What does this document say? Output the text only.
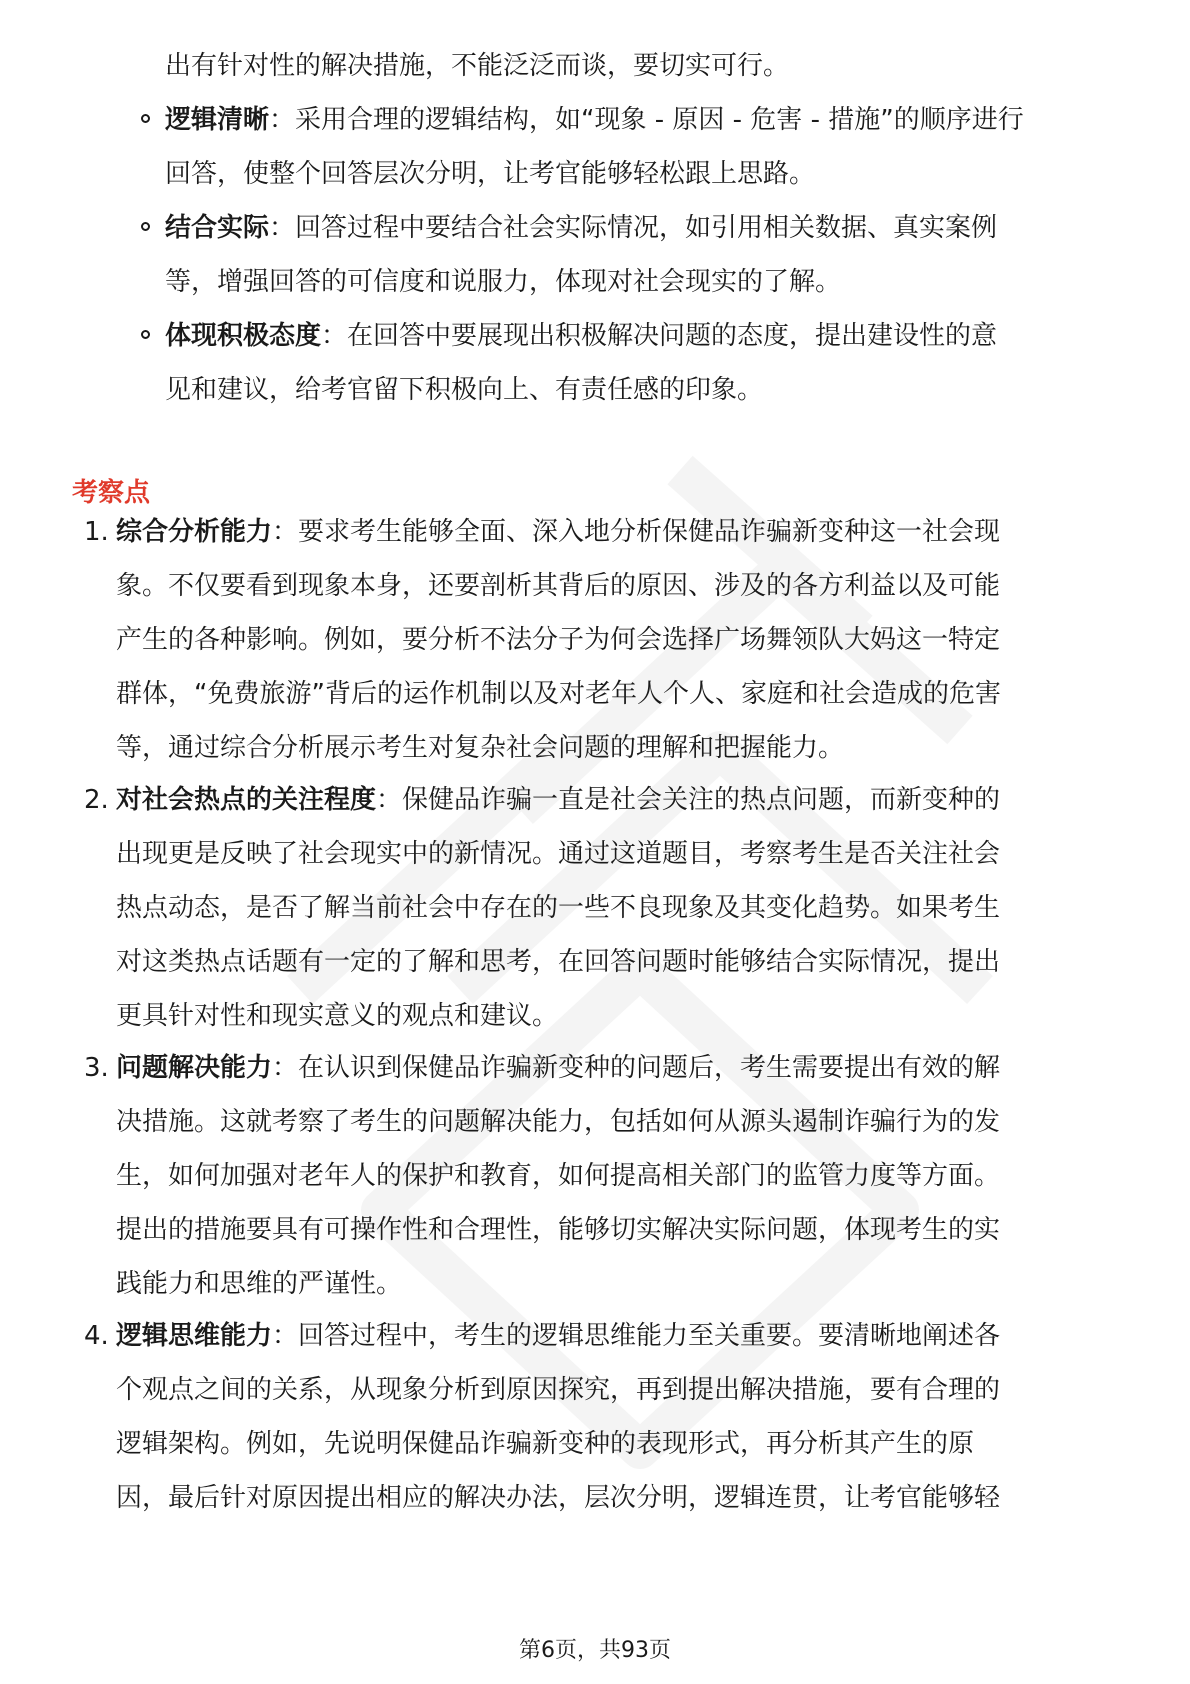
出有针对性的解决措施，不能泛泛而谈，要切实可行。
逻辑清晰：采用合理的逻辑结构，如“现象 - 原因 - 危害 - 措施”的顺序进行
回答，使整个回答层次分明，让考官能够轻松跟上思路。
结合实际：回答过程中要结合社会实际情况，如引用相关数据、真实案例
等，增强回答的可信度和说服力，体现对社会现实的了解。
体现积极态度：在回答中要展现出积极解决问题的态度，提出建设性的意
见和建议，给考官留下积极向上、有责任感的印象。
考察点
1. 综合分析能力：要求考生能够全面、深入地分析保健品诈骗新变种这一社会现
象。不仅要看到现象本身，还要剖析其背后的原因、涉及的各方利益以及可能
产生的各种影响。例如，要分析不法分子为何会选择广场舞领队大妈这一特定
群体，“免费旅游”背后的运作机制以及对老年人个人、家庭和社会造成的危害
等，通过综合分析展示考生对复杂社会问题的理解和把握能力。
2. 对社会热点的关注程度：保健品诈骗一直是社会关注的热点问题，而新变种的
出现更是反映了社会现实中的新情况。通过这道题目，考察考生是否关注社会
热点动态，是否了解当前社会中存在的一些不良现象及其变化趋势。如果考生
对这类热点话题有一定的了解和思考，在回答问题时能够结合实际情况，提出
更具针对性和现实意义的观点和建议。
3. 问题解决能力：在认识到保健品诈骗新变种的问题后，考生需要提出有效的解
决措施。这就考察了考生的问题解决能力，包括如何从源头遏制诈骗行为的发
生，如何加强对老年人的保护和教育，如何提高相关部门的监管力度等方面。
提出的措施要具有可操作性和合理性，能够切实解决实际问题，体现考生的实
践能力和思维的严谨性。
4. 逻辑思维能力：回答过程中，考生的逻辑思维能力至关重要。要清晰地阐述各
个观点之间的关系，从现象分析到原因探究，再到提出解决措施，要有合理的
逻辑架构。例如，先说明保健品诈骗新变种的表现形式，再分析其产生的原
因，最后针对原因提出相应的解决办法，层次分明，逻辑连贯，让考官能够轻
第6页，共93页
